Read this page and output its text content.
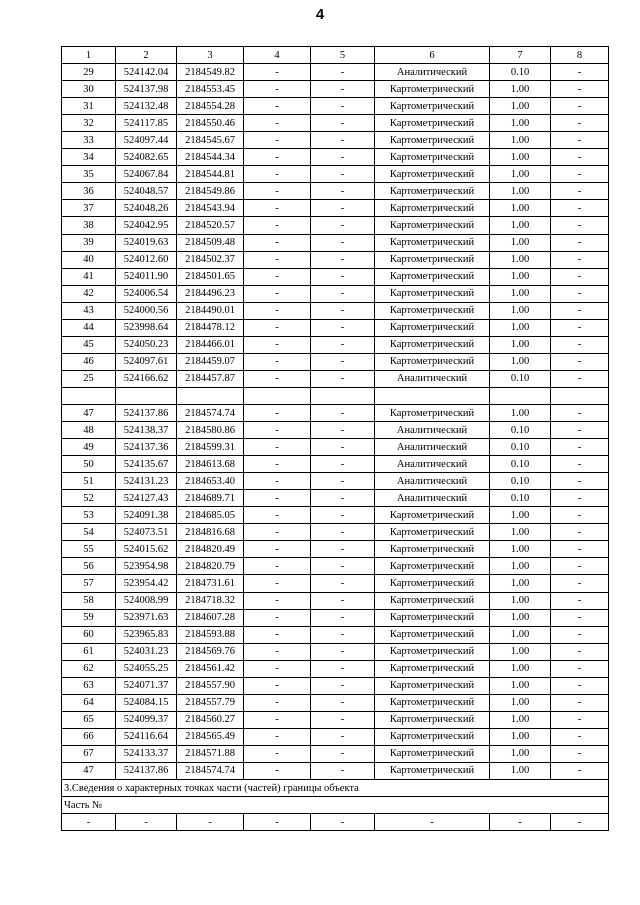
4
1	2	3	4	5	6	7	8
29	524142.04	2184549.82	-	-	Аналитический	0.10	-
30	524137.98	2184553.45	-	-	Картометрический	1.00	-
31	524132.48	2184554.28	-	-	Картометрический	1.00	-
32	524117.85	2184550.46	-	-	Картометрический	1.00	-
33	524097.44	2184545.67	-	-	Картометрический	1.00	-
34	524082.65	2184544.34	-	-	Картометрический	1.00	-
35	524067.84	2184544.81	-	-	Картометрический	1.00	-
36	524048.57	2184549.86	-	-	Картометрический	1.00	-
37	524048.26	2184543.94	-	-	Картометрический	1.00	-
38	524042.95	2184520.57	-	-	Картометрический	1.00	-
39	524019.63	2184509.48	-	-	Картометрический	1.00	-
40	524012.60	2184502.37	-	-	Картометрический	1.00	-
41	524011.90	2184501.65	-	-	Картометрический	1.00	-
42	524006.54	2184496.23	-	-	Картометрический	1.00	-
43	524000.56	2184490.01	-	-	Картометрический	1.00	-
44	523998.64	2184478.12	-	-	Картометрический	1.00	-
45	524050.23	2184466.01	-	-	Картометрический	1.00	-
46	524097.61	2184459.07	-	-	Картометрический	1.00	-
25	524166.62	2184457.87	-	-	Аналитический	0.10	-

47	524137.86	2184574.74	-	-	Картометрический	1.00	-
48	524138.37	2184580.86	-	-	Аналитический	0.10	-
49	524137.36	2184599.31	-	-	Аналитический	0.10	-
50	524135.67	2184613.68	-	-	Аналитический	0.10	-
51	524131.23	2184653.40	-	-	Аналитический	0.10	-
52	524127.43	2184689.71	-	-	Аналитический	0.10	-
53	524091.38	2184685.05	-	-	Картометрический	1.00	-
54	524073.51	2184816.68	-	-	Картометрический	1.00	-
55	524015.62	2184820.49	-	-	Картометрический	1.00	-
56	523954.98	2184820.79	-	-	Картометрический	1.00	-
57	523954.42	2184731.61	-	-	Картометрический	1.00	-
58	524008.99	2184718.32	-	-	Картометрический	1.00	-
59	523971.63	2184607.28	-	-	Картометрический	1.00	-
60	523965.83	2184593.88	-	-	Картометрический	1.00	-
61	524031.23	2184569.76	-	-	Картометрический	1.00	-
62	524055.25	2184561.42	-	-	Картометрический	1.00	-
63	524071.37	2184557.90	-	-	Картометрический	1.00	-
64	524084.15	2184557.79	-	-	Картометрический	1.00	-
65	524099.37	2184560.27	-	-	Картометрический	1.00	-
66	524116.64	2184565.49	-	-	Картометрический	1.00	-
67	524133.37	2184571.88	-	-	Картометрический	1.00	-
47	524137.86	2184574.74	-	-	Картометрический	1.00	-
3.Сведения о характерных точках части (частей) границы объекта							
Часть №							
-	-	-	-	-	-	-	-
